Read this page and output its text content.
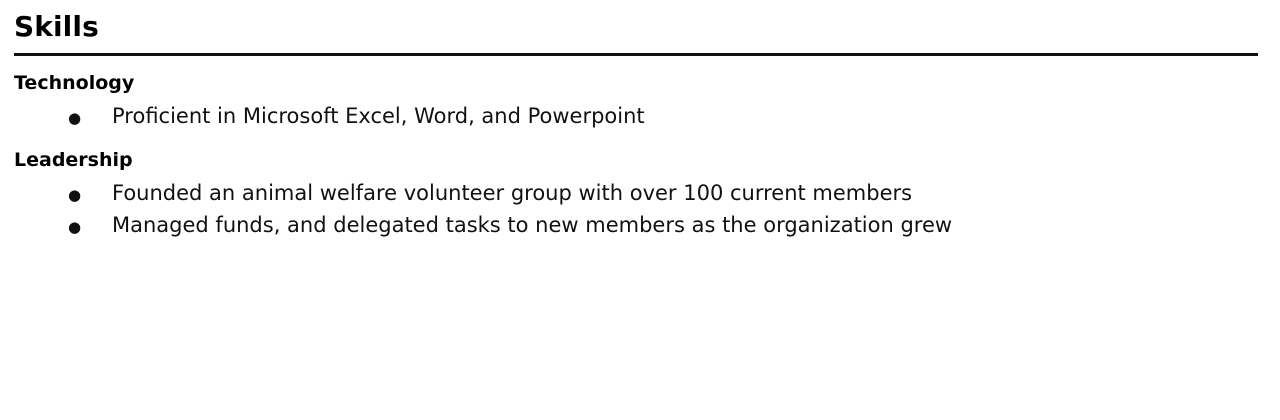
Skills
Technology
●	Proficient in Microsoft Excel, Word, and Powerpoint
Leadership
●	Founded an animal welfare volunteer group with over 100 current members
●	Managed funds, and delegated tasks to new members as the organization grew
